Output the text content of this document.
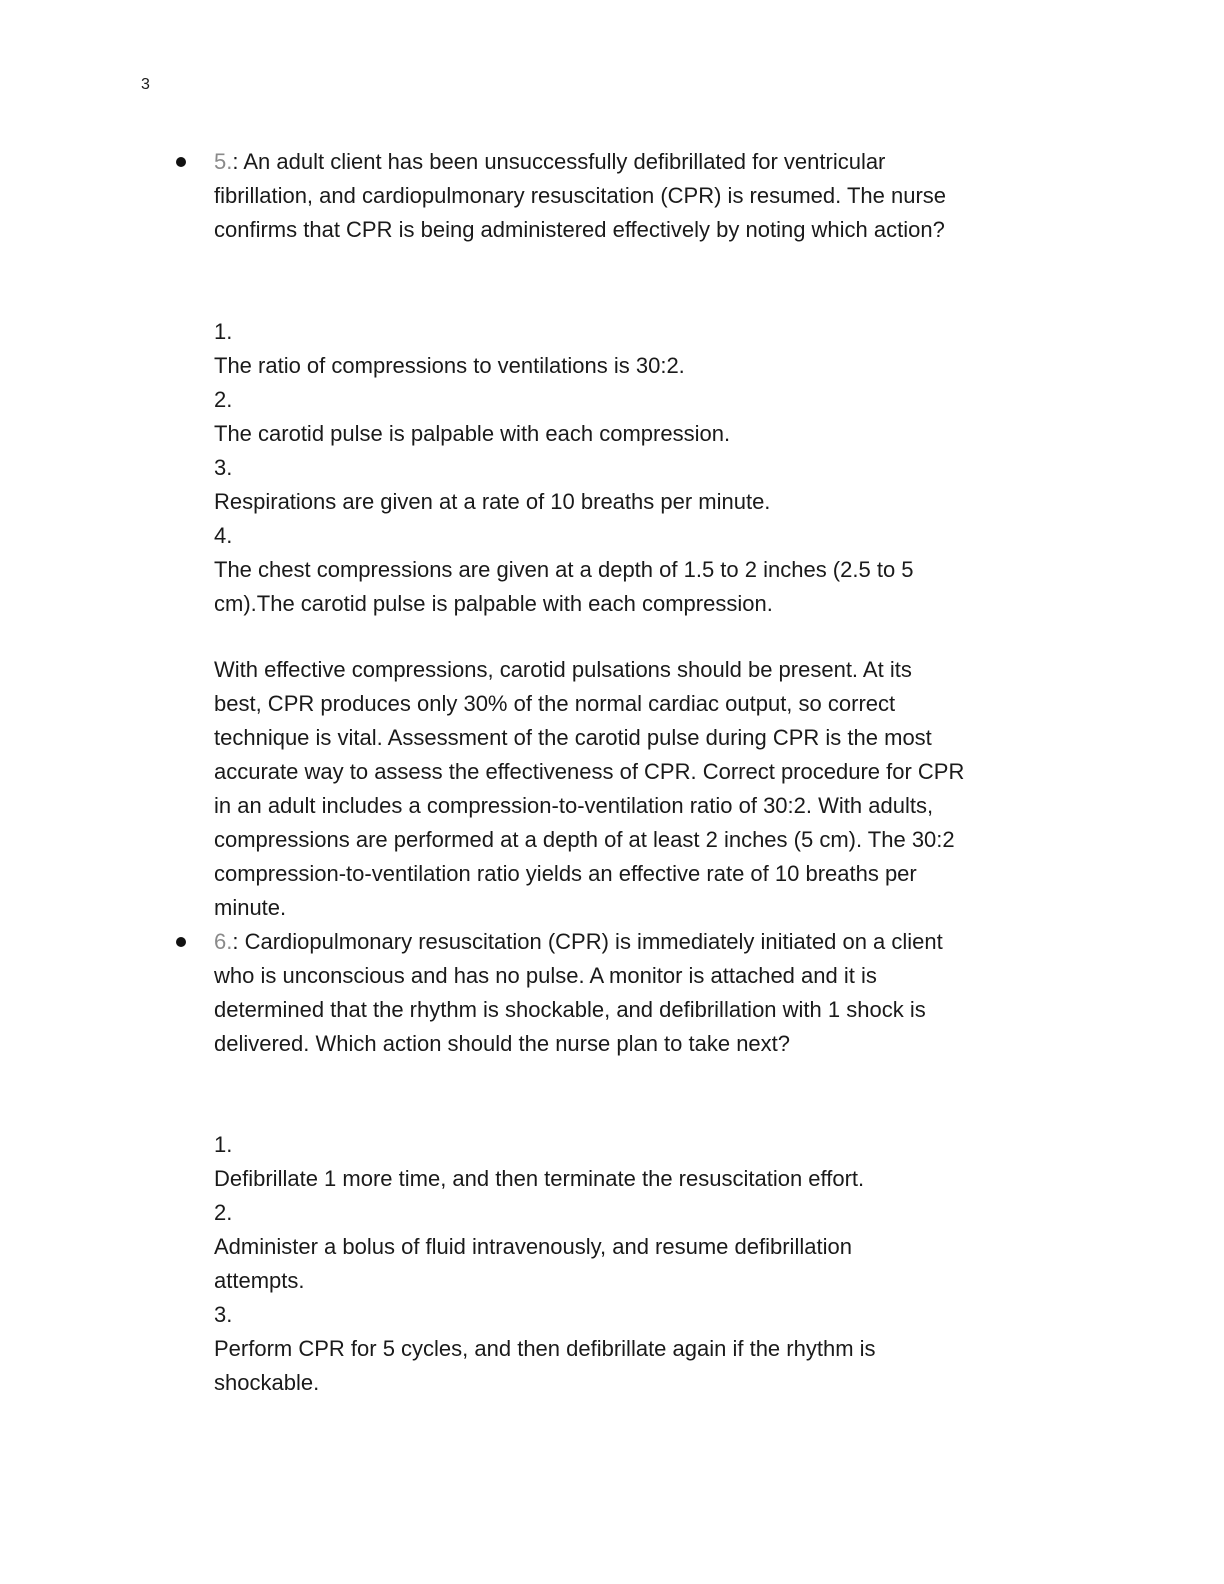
3
5.: An adult client has been unsuccessfully defibrillated for ventricular
fibrillation, and cardiopulmonary resuscitation (CPR) is resumed. The nurse
confirms that CPR is being administered effectively by noting which action?
1.
The ratio of compressions to ventilations is 30:2.
2.
The carotid pulse is palpable with each compression.
3.
Respirations are given at a rate of 10 breaths per minute.
4.
The chest compressions are given at a depth of 1.5 to 2 inches (2.5 to 5
cm).The carotid pulse is palpable with each compression.
With effective compressions, carotid pulsations should be present. At its
best, CPR produces only 30% of the normal cardiac output, so correct
technique is vital. Assessment of the carotid pulse during CPR is the most
accurate way to assess the effectiveness of CPR. Correct procedure for CPR
in an adult includes a compression-to-ventilation ratio of 30:2. With adults,
compressions are performed at a depth of at least 2 inches (5 cm). The 30:2
compression-to-ventilation ratio yields an effective rate of 10 breaths per
minute.
6.: Cardiopulmonary resuscitation (CPR) is immediately initiated on a client
who is unconscious and has no pulse. A monitor is attached and it is
determined that the rhythm is shockable, and defibrillation with 1 shock is
delivered. Which action should the nurse plan to take next?
1.
Defibrillate 1 more time, and then terminate the resuscitation effort.
2.
Administer a bolus of fluid intravenously, and resume defibrillation
attempts.
3.
Perform CPR for 5 cycles, and then defibrillate again if the rhythm is
shockable.
